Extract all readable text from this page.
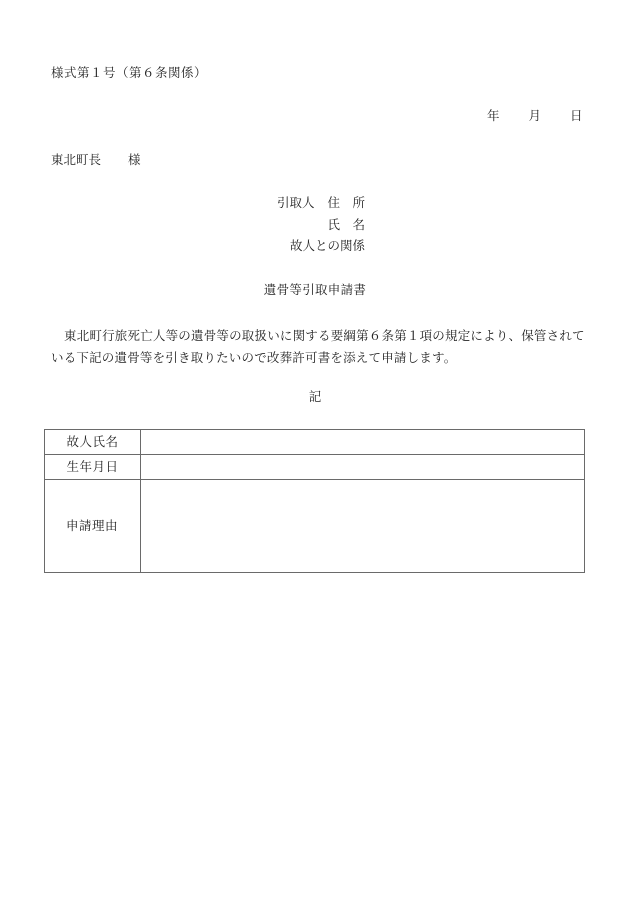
様式第１号（第６条関係）
年 月 日
東北町長 様
引取人 住　所
氏　名
故人との関係
遺骨等引取申請書
東北町行旅死亡人等の遺骨等の取扱いに関する要綱第６条第１項の規定により、保管されている下記の遺骨等を引き取りたいので改葬許可書を添えて申請します。
記
故人氏名	
生年月日	
申請理由	
